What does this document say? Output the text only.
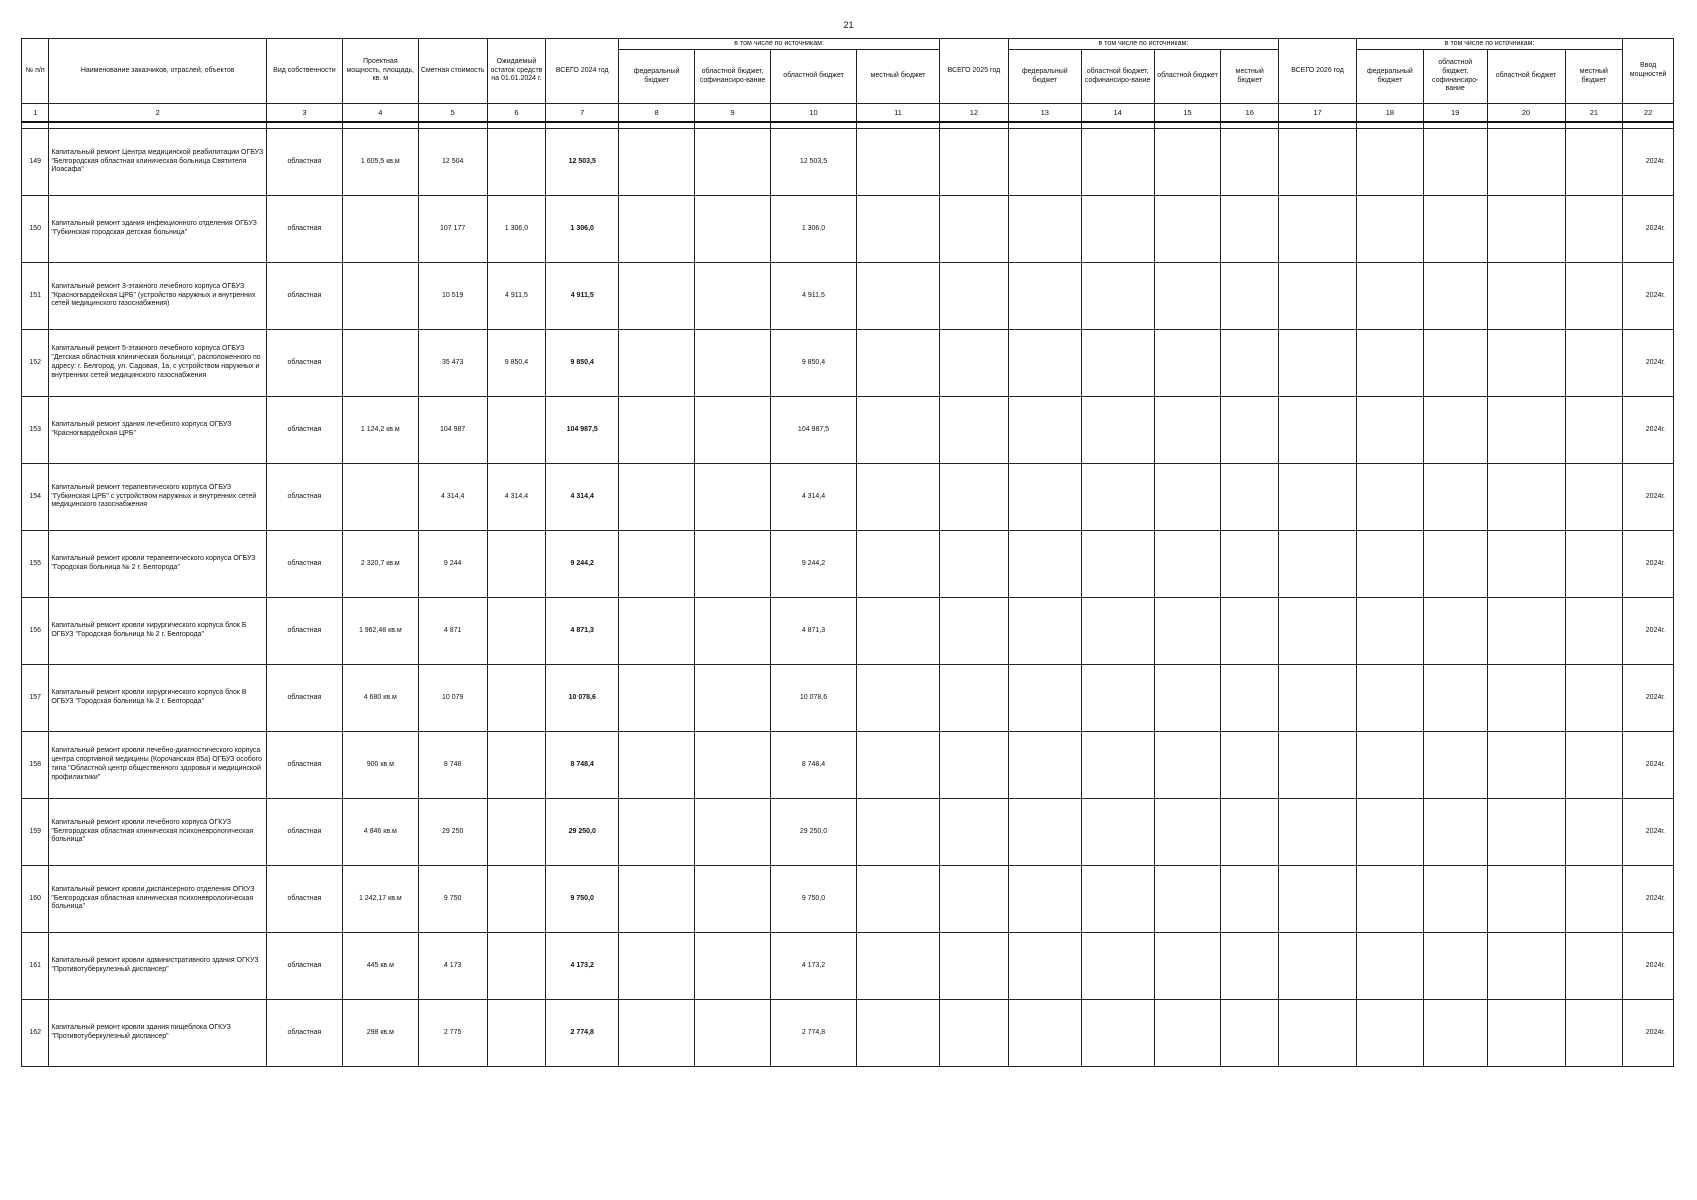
21
№ п/п	Наименование заказчиков, отраслей, объектов	Вид собственности	Проектная мощность, площадь, кв. м	Сметная стоимость	Ожидаемый остаток средств на 01.01.2024 г.	ВСЕГО 2024 год	в том числе по источникам:				ВСЕГО 2025 год	в том числе по источникам:				ВСЕГО 2026 год	в том числе по источникам:				Ввод мощностей
							федеральный бюджет	областной бюджет, софинансиро-вание	областной бюджет	местный бюджет		федеральный бюджет	областной бюджет, софинансиро-вание	областной бюджет	местный бюджет		федеральный бюджет	областной бюджет, софинансиро-вание	областной бюджет	местный бюджет	
1	2	3	4	5	6	7	8	9	10	11	12	13	14	15	16	17	18	19	20	21	22

149	Капитальный ремонт Центра медицинской реабилитации ОГБУЗ "Белгородская областная клиническая больница Святителя Иоасафа"	областная	1 605,5 кв.м	12 504		12 503,5			12 503,5												2024г.
150	Капитальный ремонт здания инфекционного отделения ОГБУЗ "Губкинская городская детская больница"	областная		107 177	1 306,0	1 306,0			1 306,0												2024г.
151	Капитальный ремонт 3-этажного лечебного корпуса ОГБУЗ "Красногвардейская ЦРБ" (устройство наружных и внутренних сетей медицинского газоснабжения)	областная		10 519	4 911,5	4 911,5			4 911,5												2024г.
152	Капитальный ремонт 5-этажного лечебного корпуса ОГБУЗ "Детская областная клиническая больница", расположенного по адресу: г. Белгород, ул. Садовая, 1а, с устройством наружных и внутренних сетей медицинского газоснабжения	областная		35 473	9 850,4	9 850,4			9 850,4												2024г.
153	Капитальный ремонт здания лечебного корпуса ОГБУЗ "Красногвардейская ЦРБ"	областная	1 124,2 кв.м	104 987		104 987,5			104 987,5												2024г.
154	Капитальный ремонт терапевтического корпуса ОГБУЗ "Губкинская ЦРБ" с устройством наружных и внутренних сетей медицинского газоснабжения	областная		4 314,4	4 314,4	4 314,4			4 314,4												2024г.
155	Капитальный ремонт кровли терапевтического корпуса ОГБУЗ "Городская больница № 2 г. Белгорода"	областная	2 320,7 кв.м	9 244		9 244,2			9 244,2												2024г.
156	Капитальный ремонт кровли хирургического корпуса блок Б ОГБУЗ "Городская больница № 2 г. Белгорода"	областная	1 962,48 кв.м	4 871		4 871,3			4 871,3												2024г.
157	Капитальный ремонт кровли хирургического корпуса блок В ОГБУЗ "Городская больница № 2 г. Белгорода"	областная	4 680 кв.м	10 079		10 078,6			10 078,6												2024г.
158	Капитальный ремонт кровли лечебно-диагностического корпуса центра спортивной медицины (Корочанская 85а) ОГБУЗ особого типа "Областной центр общественного здоровья и медицинской профилактики"	областная	900 кв.м	8 748		8 748,4			8 748,4												2024г.
159	Капитальный ремонт кровли лечебного корпуса ОГКУЗ "Белгородская областная клиническая психоневрологическая больница"	областная	4 846 кв.м	29 250		29 250,0			29 250,0												2024г.
160	Капитальный ремонт кровли диспансерного отделения ОГКУЗ "Белгородская областная клиническая психоневрологическая больница"	областная	1 242,17 кв.м	9 750		9 750,0			9 750,0												2024г.
161	Капитальный ремонт кровли административного здания ОГКУЗ "Противотуберкулезный диспансер"	областная	445 кв.м	4 173		4 173,2			4 173,2												2024г.
162	Капитальный ремонт кровли здания пищеблока ОГКУЗ "Противотуберкулезный диспансер"	областная	298 кв.м	2 775		2 774,8			2 774,8												2024г.
